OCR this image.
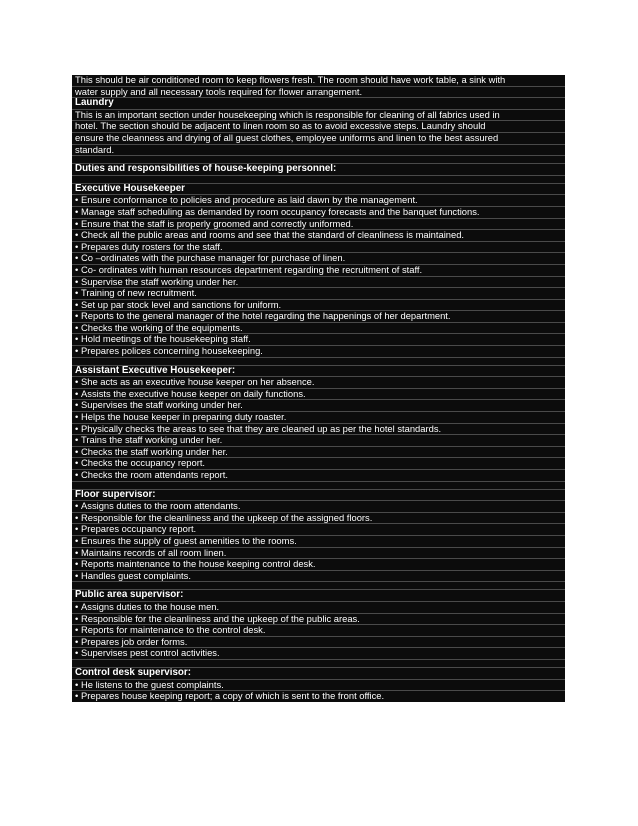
This should be air conditioned room to keep flowers fresh. The room should have work table, a sink with
water supply and all necessary tools required for flower arrangement.
Laundry
This is an important section under housekeeping which is responsible for cleaning of all fabrics used in
hotel. The section should be adjacent to linen room so as to avoid excessive steps. Laundry should
ensure the cleanness and drying of all guest clothes, employee uniforms and linen to the best assured
standard.
Duties and responsibilities of house-keeping personnel:
Executive Housekeeper
• Ensure conformance to policies and procedure as laid dawn by the management.
• Manage staff scheduling as demanded by room occupancy forecasts and the banquet functions.
• Ensure that the staff is properly groomed and correctly uniformed.
• Check all the public areas and rooms and see that the standard of cleanliness is maintained.
• Prepares duty rosters for the staff.
• Co –ordinates with the purchase manager for purchase of linen.
• Co- ordinates with human resources department regarding the recruitment of staff.
• Supervise the staff working under her.
• Training of new recruitment.
• Set up par stock level and sanctions for uniform.
• Reports to the general manager of the hotel regarding the happenings of her department.
• Checks the working of the equipments.
• Hold meetings of the housekeeping staff.
• Prepares polices concerning housekeeping.
Assistant Executive Housekeeper:
• She acts as an executive house keeper on her absence.
• Assists the executive house keeper on daily functions.
• Supervises the staff working under her.
• Helps the house keeper in preparing duty roaster.
• Physically checks the areas to see that they are cleaned up as per the hotel standards.
• Trains the staff working under her.
• Checks the staff working under her.
• Checks the occupancy report.
• Checks the room attendants report.
Floor supervisor:
• Assigns duties to the room attendants.
• Responsible for the cleanliness and the upkeep of the assigned floors.
• Prepares occupancy report.
• Ensures the supply of guest amenities to the rooms.
• Maintains records of all room linen.
• Reports maintenance to the house keeping control desk.
• Handles guest complaints.
Public area supervisor:
• Assigns duties to the house men.
• Responsible for the cleanliness and the upkeep of the public areas.
• Reports for maintenance to the control desk.
• Prepares job order forms.
• Supervises pest control activities.
Control desk supervisor:
• He listens to the guest complaints.
• Prepares house keeping report; a copy of which is sent to the front office.
